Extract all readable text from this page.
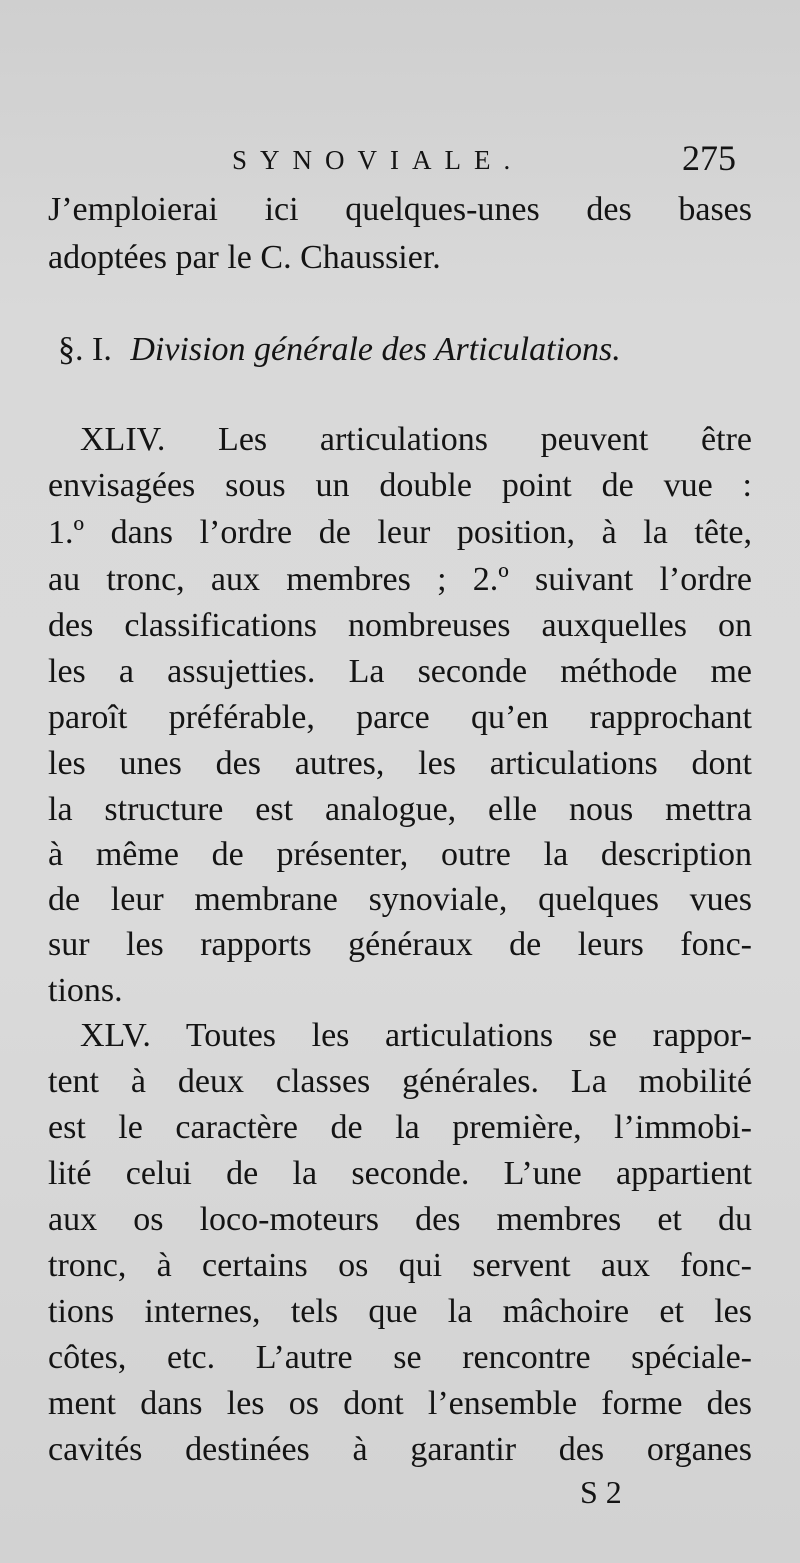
SYNOVIALE.	275
J’emploierai ici quelques-unes des bases
adoptées par le C. Chaussier.
§. I. Division générale des Articulations.
XLIV. Les articulations peuvent être
envisagées sous un double point de vue :
1.º dans l’ordre de leur position, à la tête,
au tronc, aux membres ; 2.º suivant l’ordre
des classifications nombreuses auxquelles on
les a assujetties. La seconde méthode me
paroît préférable, parce qu’en rapprochant
les unes des autres, les articulations dont
la structure est analogue, elle nous mettra
à même de présenter, outre la description
de leur membrane synoviale, quelques vues
sur les rapports généraux de leurs fonc-
tions.
XLV. Toutes les articulations se rappor-
tent à deux classes générales. La mobilité
est le caractère de la première, l’immobi-
lité celui de la seconde. L’une appartient
aux os loco-moteurs des membres et du
tronc, à certains os qui servent aux fonc-
tions internes, tels que la mâchoire et les
côtes, etc. L’autre se rencontre spéciale-
ment dans les os dont l’ensemble forme des
cavités destinées à garantir des organes
S 2
